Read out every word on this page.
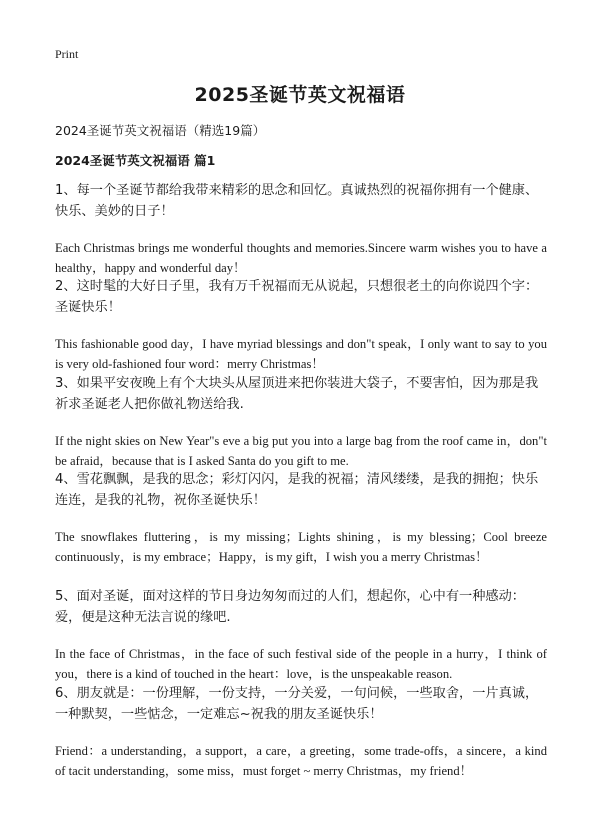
Print
2025圣诞节英文祝福语
2024圣诞节英文祝福语（精选19篇）
2024圣诞节英文祝福语 篇1

1、每一个圣诞节都给我带来精彩的思念和回忆。真诚热烈的祝福你拥有一个健康、快乐、美妙的日子！

Each Christmas brings me wonderful thoughts and memories.Sincere warm wishes you to have a healthy，happy and wonderful day！

2、这时髦的大好日子里，我有万千祝福而无从说起，只想很老土的向你说四个字：圣诞快乐！

This fashionable good day，I have myriad blessings and don"t speak，I only want to say to you is very old-fashioned four word：merry Christmas！

3、如果平安夜晚上有个大块头从屋顶进来把你装进大袋子，不要害怕，因为那是我祈求圣诞老人把你做礼物送给我.

If the night skies on New Year"s eve a big put you into a large bag from the roof came in，don"t be afraid，because that is I asked Santa do you gift to me.

4、雪花飘飘，是我的思念；彩灯闪闪，是我的祝福；清风缕缕，是我的拥抱；快乐连连，是我的礼物，祝你圣诞快乐！

The snowflakes fluttering，is my missing；Lights shining，is my blessing；Cool breeze continuously，is my embrace；Happy，is my gift，I wish you a merry Christmas！

5、面对圣诞，面对这样的节日身边匆匆而过的人们，想起你，心中有一种感动：爱，便是这种无法言说的缘吧.

In the face of Christmas，in the face of such festival side of the people in a hurry，I think of you，there is a kind of touched in the heart：love，is the unspeakable reason.

6、朋友就是：一份理解，一份支持，一分关爱，一句问候，一些取舍，一片真诚，一种默契，一些惦念，一定难忘~祝我的朋友圣诞快乐！

Friend：a understanding，a support，a care，a greeting，some trade-offs，a sincere，a kind of tacit understanding，some miss，must forget ~ merry Christmas，my friend！
